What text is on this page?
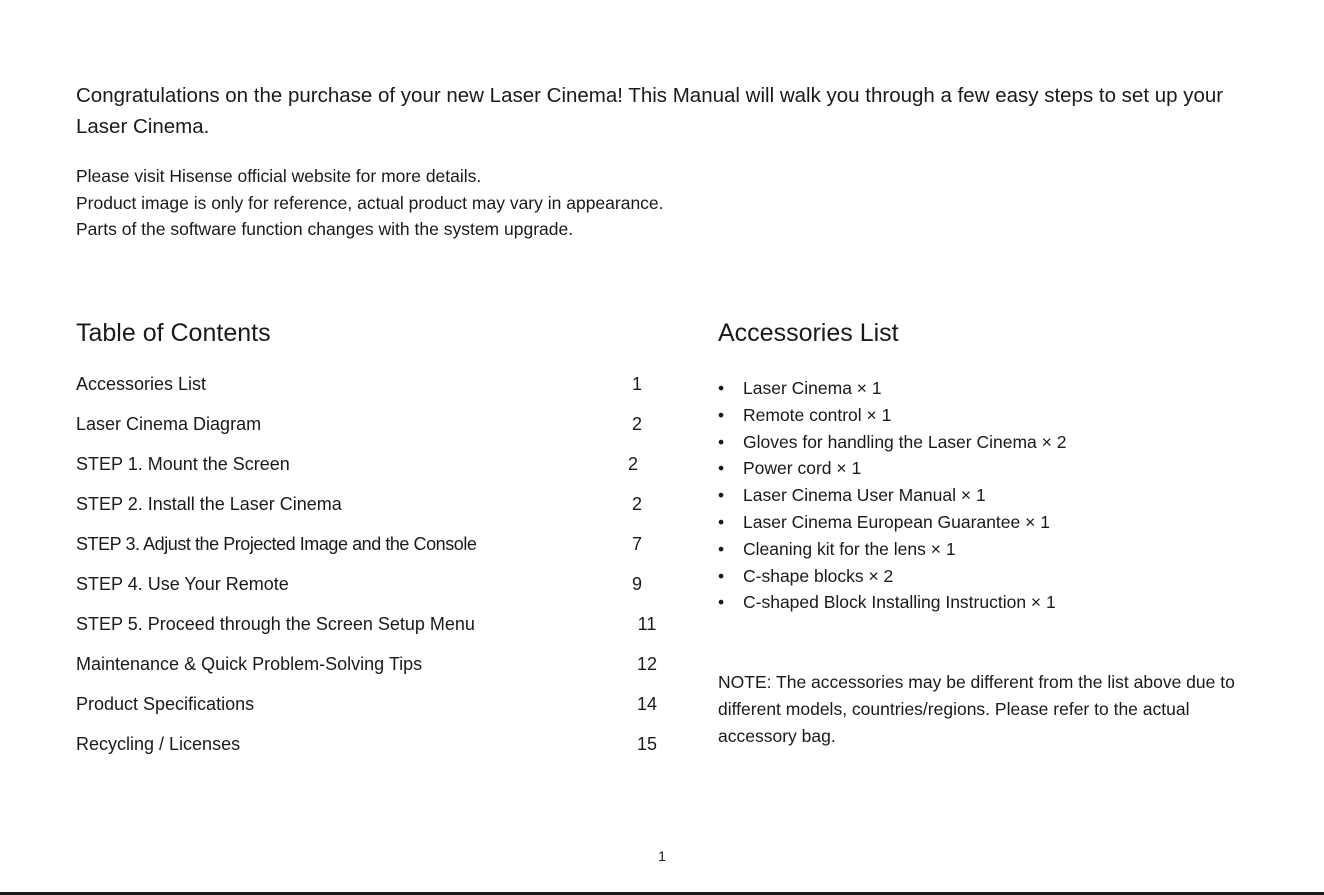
Congratulations on the purchase of your new Laser Cinema! This Manual will walk you through a few easy steps to set up your Laser Cinema.

Please visit Hisense official website for more details.
Product image is only for reference, actual product may vary in appearance.
Parts of the software function changes with the system upgrade.
Table of Contents
Accessories List	1
Laser Cinema Diagram	2
STEP 1. Mount the Screen	2
STEP 2. Install the Laser Cinema	2
STEP 3. Adjust the Projected Image and the Console	7
STEP 4. Use Your Remote	9
STEP 5. Proceed through the Screen Setup Menu	11
Maintenance & Quick Problem-Solving Tips	12
Product Specifications	14
Recycling / Licenses	15
Accessories List
• Laser Cinema × 1
• Remote control × 1
• Gloves for handling the Laser Cinema × 2
• Power cord × 1
• Laser Cinema User Manual × 1
• Laser Cinema European Guarantee × 1
• Cleaning kit for the lens × 1
• C-shape blocks × 2
• C-shaped Block Installing Instruction × 1

NOTE: The accessories may be different from the list above due to different models, countries/regions. Please refer to the actual accessory bag.

1
